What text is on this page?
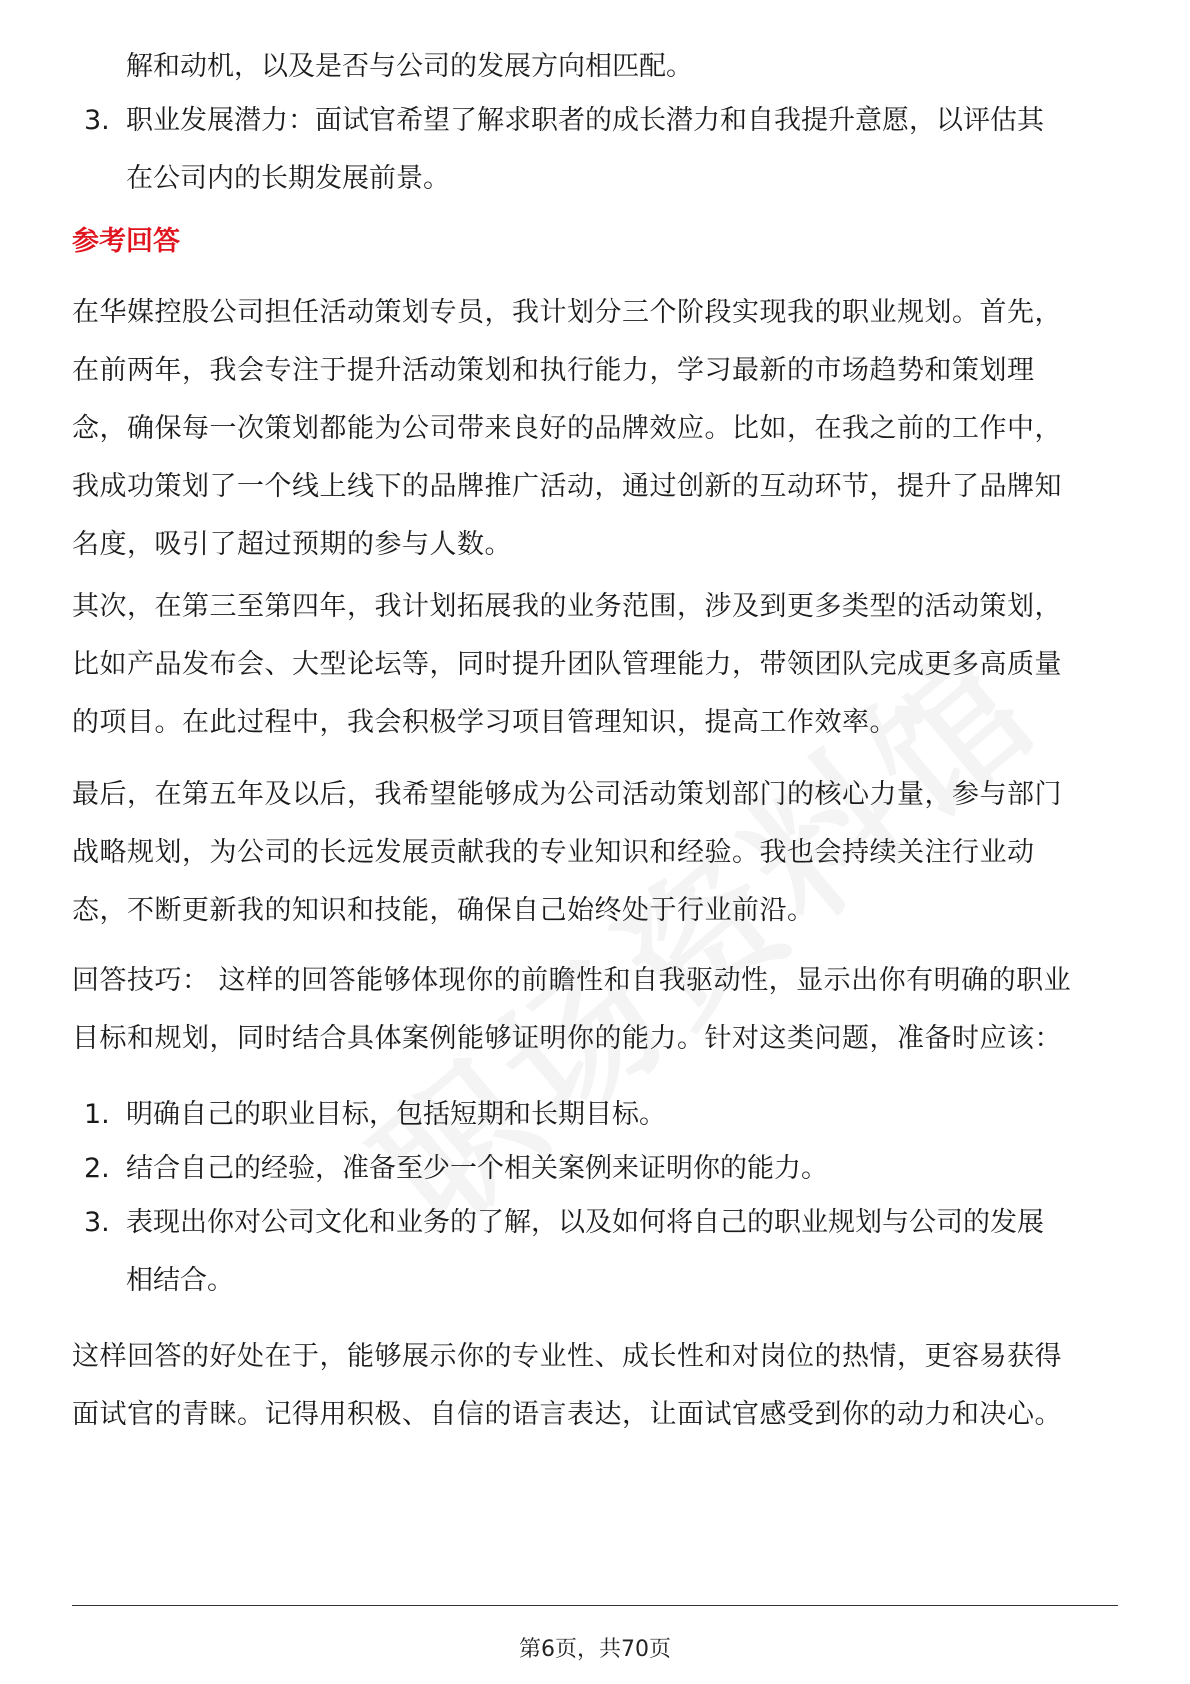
解和动机，以及是否与公司的发展方向相匹配。
3. 职业发展潜力：面试官希望了解求职者的成长潜力和自我提升意愿，以评估其
在公司内的长期发展前景。
参考回答
在华媒控股公司担任活动策划专员，我计划分三个阶段实现我的职业规划。首先，
在前两年，我会专注于提升活动策划和执行能力，学习最新的市场趋势和策划理
念，确保每一次策划都能为公司带来良好的品牌效应。比如，在我之前的工作中，
我成功策划了一个线上线下的品牌推广活动，通过创新的互动环节，提升了品牌知
名度，吸引了超过预期的参与人数。
其次，在第三至第四年，我计划拓展我的业务范围，涉及到更多类型的活动策划，
比如产品发布会、大型论坛等，同时提升团队管理能力，带领团队完成更多高质量
的项目。在此过程中，我会积极学习项目管理知识，提高工作效率。
最后，在第五年及以后，我希望能够成为公司活动策划部门的核心力量，参与部门
战略规划，为公司的长远发展贡献我的专业知识和经验。我也会持续关注行业动
态，不断更新我的知识和技能，确保自己始终处于行业前沿。
回答技巧： 这样的回答能够体现你的前瞻性和自我驱动性，显示出你有明确的职业
目标和规划，同时结合具体案例能够证明你的能力。针对这类问题，准备时应该：
1. 明确自己的职业目标，包括短期和长期目标。
2. 结合自己的经验，准备至少一个相关案例来证明你的能力。
3. 表现出你对公司文化和业务的了解，以及如何将自己的职业规划与公司的发展
相结合。
这样回答的好处在于，能够展示你的专业性、成长性和对岗位的热情，更容易获得
面试官的青睐。记得用积极、自信的语言表达，让面试官感受到你的动力和决心。
第6页，共70页
